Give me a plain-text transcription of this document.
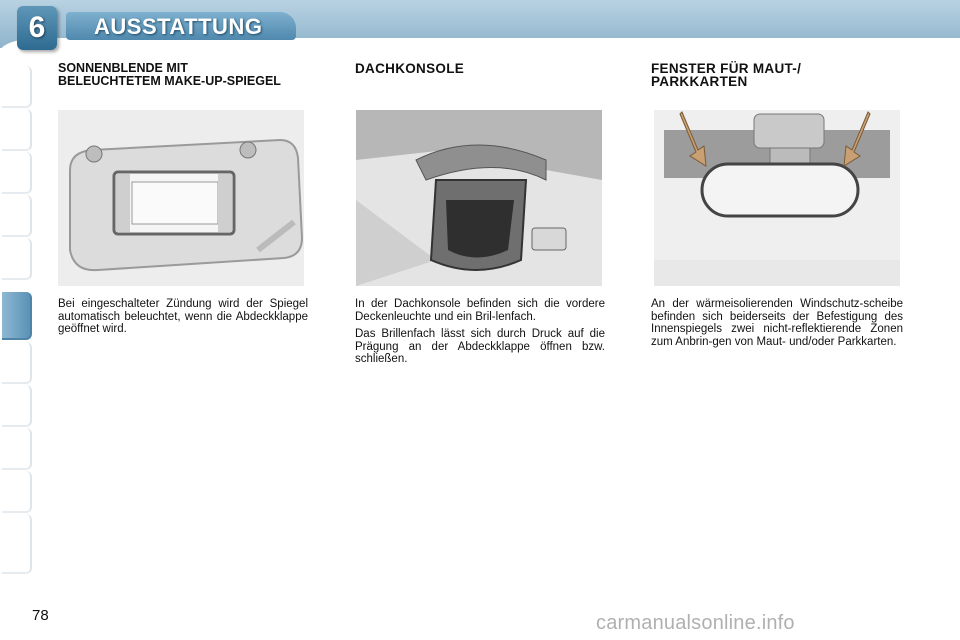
6	AUSSTATTUNG
SONNENBLENDE MIT
BELEUCHTETEM MAKE-UP-SPIEGEL

Bei eingeschalteter Zündung wird der Spiegel automatisch beleuchtet, wenn die Abdeckklappe geöffnet wird.

DACHKONSOLE

In der Dachkonsole befinden sich die vordere Deckenleuchte und ein Bril-lenfach.

Das Brillenfach lässt sich durch Druck auf die Prägung an der Abdeckklappe öffnen bzw. schließen.

FENSTER FÜR MAUT-/
PARKKARTEN

An der wärmeisolierenden Windschutz-scheibe befinden sich beiderseits der Befestigung des Innenspiegels zwei nicht-reflektierende Zonen zum Anbrin-gen von Maut- und/oder Parkkarten.

78	carmanualsonline.info
